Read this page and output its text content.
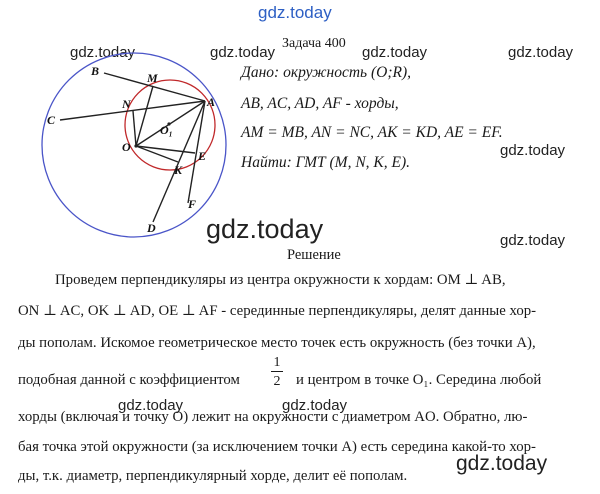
gdz.today
gdz.today	gdz.today	gdz.today	gdz.today
gdz.today
gdz.today	gdz.today
gdz.today	gdz.today
gdz.today
B	M
A
C
N
O₁
O
E
K
F
D
Задача 400
Дано: окружность (O;R),
AB, AC, AD, AF - хорды,
AM = MB, AN = NC, AK = KD, AE = EF.
Найти: ГМТ (M, N, K, E).
Решение
Проведем перпендикуляры из центра окружности к хордам: OM ⊥ AB,
ON ⊥ AC, OK ⊥ AD, OE ⊥ AF - серединные перпендикуляры, делят данные хор-
ды пополам. Искомое геометрическое место точек есть окружность (без точки A),
подобная данной с коэффициентом
1
2 и центром в точке O₁. Середина любой
хорды (включая и точку O) лежит на окружности с диаметром AO. Обратно, лю-
бая точка этой окружности (за исключением точки A) есть середина какой-то хор-
ды, т.к. диаметр, перпендикулярный хорде, делит её пополам.
